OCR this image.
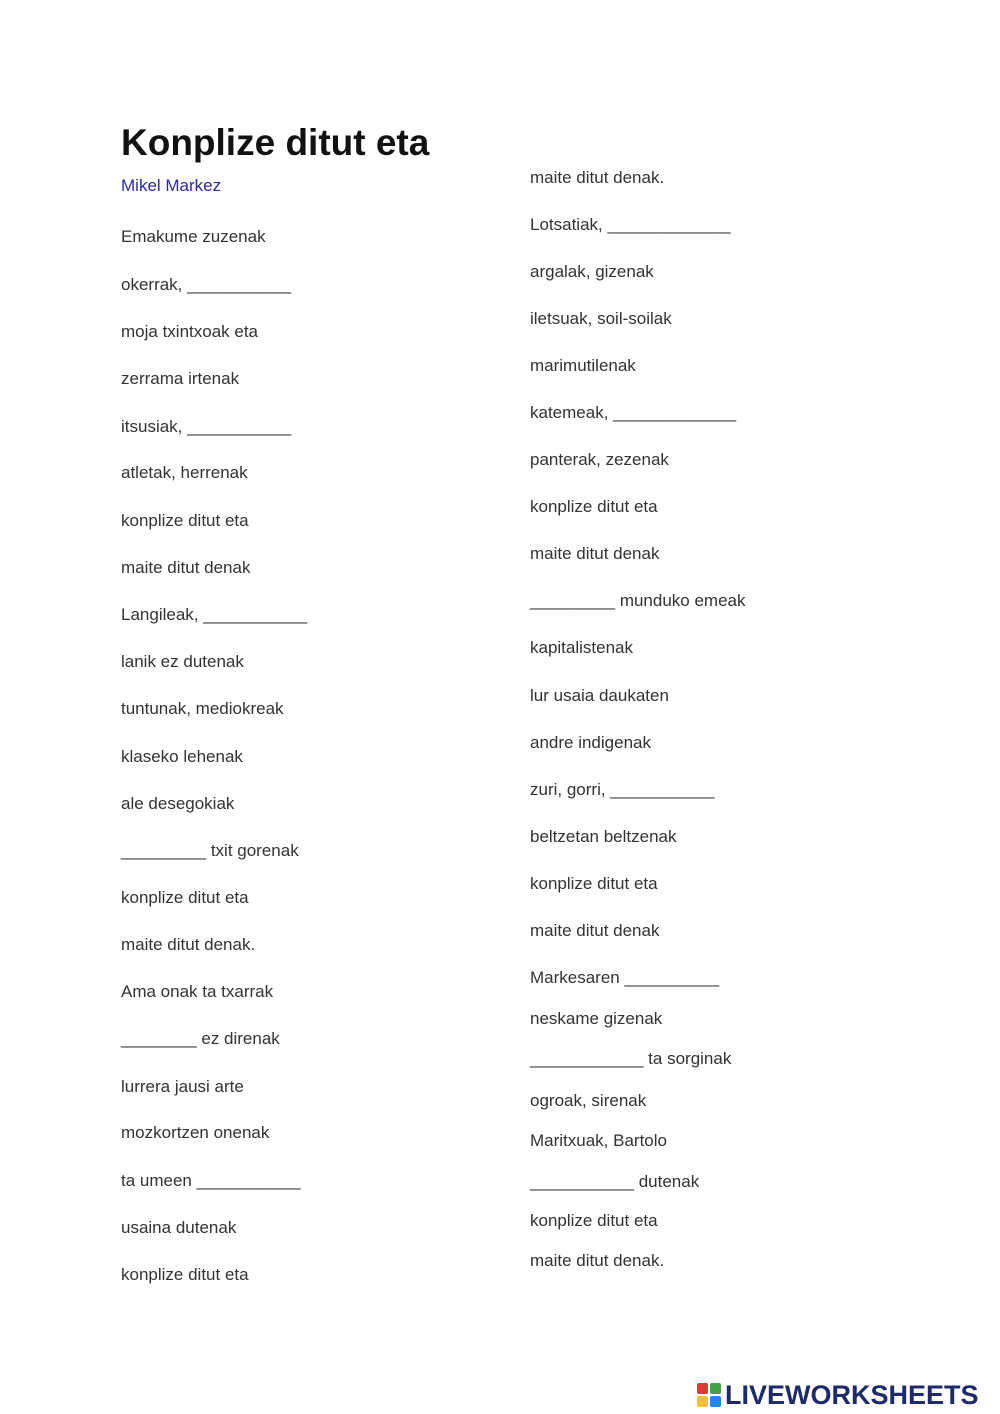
Konplize ditut eta
Mikel Markez
Emakume zuzenak
okerrak, ___________
moja txintxoak eta
zerrama irtenak
itsusiak, ___________
atletak, herrenak
konplize ditut eta
maite ditut denak
Langileak, ___________
lanik ez dutenak
tuntunak, mediokreak
klaseko lehenak
ale desegokiak
_________ txit gorenak
konplize ditut eta
maite ditut denak.
Ama onak ta txarrak
________ ez direnak
lurrera jausi arte
mozkortzen onenak
ta umeen ___________
usaina dutenak
konplize ditut eta
maite ditut denak.
Lotsatiak, _____________
argalak, gizenak
iletsuak, soil-soilak
marimutilenak
katemeak, _____________
panterak, zezenak
konplize ditut eta
maite ditut denak
_________ munduko emeak
kapitalistenak
lur usaia daukaten
andre indigenak
zuri, gorri, ___________
beltzetan beltzenak
konplize ditut eta
maite ditut denak
Markesaren __________
neskame gizenak
____________ ta sorginak
ogroak, sirenak
Maritxuak, Bartolo
___________ dutenak
konplize ditut eta
maite ditut denak.
LIVEWORKSHEETS
